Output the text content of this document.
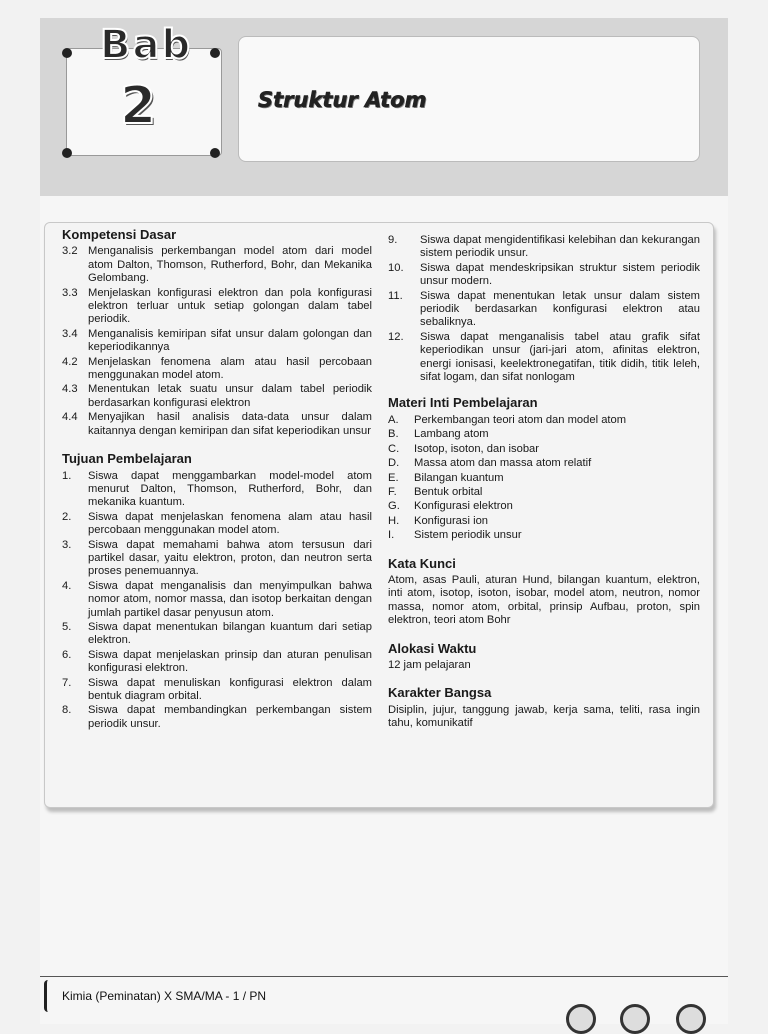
Bab
2	Struktur Atom
Kompetensi Dasar
3.2 Menganalisis perkembangan model atom dari model atom Dalton, Thomson, Rutherford, Bohr, dan Mekanika Gelombang.
3.3 Menjelaskan konfigurasi elektron dan pola konfigurasi elektron terluar untuk setiap golongan dalam tabel periodik.
3.4 Menganalisis kemiripan sifat unsur dalam golongan dan keperiodikannya
4.2 Menjelaskan fenomena alam atau hasil percobaan menggunakan model atom.
4.3 Menentukan letak suatu unsur dalam tabel periodik berdasarkan konfigurasi elektron
4.4 Menyajikan hasil analisis data-data unsur dalam kaitannya dengan kemiripan dan sifat keperiodikan unsur
Tujuan Pembelajaran
1.	Siswa dapat menggambarkan model-model atom menurut Dalton, Thomson, Rutherford, Bohr, dan mekanika kuantum.
2.	Siswa dapat menjelaskan fenomena alam atau hasil percobaan menggunakan model atom.
3.	Siswa dapat memahami bahwa atom tersusun dari partikel dasar, yaitu elektron, proton, dan neutron serta proses penemuannya.
4.	Siswa dapat menganalisis dan menyimpulkan bahwa nomor atom, nomor massa, dan isotop berkaitan dengan jumlah partikel dasar penyusun atom.
5.	Siswa dapat menentukan bilangan kuantum dari setiap elektron.
6.	Siswa dapat menjelaskan prinsip dan aturan penulisan konfigurasi elektron.
7.	Siswa dapat menuliskan konfigurasi elektron dalam bentuk diagram orbital.
8.	Siswa dapat membandingkan perkembangan sistem periodik unsur.
9.	Siswa dapat mengidentifikasi kelebihan dan kekurangan sistem periodik unsur.
10.	Siswa dapat mendeskripsikan struktur sistem periodik unsur modern.
11.	Siswa dapat menentukan letak unsur dalam sistem periodik berdasarkan konfigurasi elektron atau sebaliknya.
12.	Siswa dapat menganalisis tabel atau grafik sifat keperiodikan unsur (jari-jari atom, afinitas elektron, energi ionisasi, keelektronegatifan, titik didih, titik leleh, sifat logam, dan sifat nonlogam
Materi Inti Pembelajaran
A.	Perkembangan teori atom dan model atom
B.	Lambang atom
C.	Isotop, isoton, dan isobar
D.	Massa atom dan massa atom relatif
E.	Bilangan kuantum
F.	Bentuk orbital
G.	Konfigurasi elektron
H.	Konfigurasi ion
I.	Sistem periodik unsur
Kata Kunci

Atom, asas Pauli, aturan Hund, bilangan kuantum, elektron, inti atom, isotop, isoton, isobar, model atom, neutron, nomor massa, nomor atom, orbital, prinsip Aufbau, proton, spin elektron, teori atom Bohr

Alokasi Waktu

12 jam pelajaran

Karakter Bangsa

Disiplin, jujur, tanggung jawab, kerja sama, teliti, rasa ingin tahu, komunikatif

Kimia (Peminatan) X SMA/MA - 1 / PN
